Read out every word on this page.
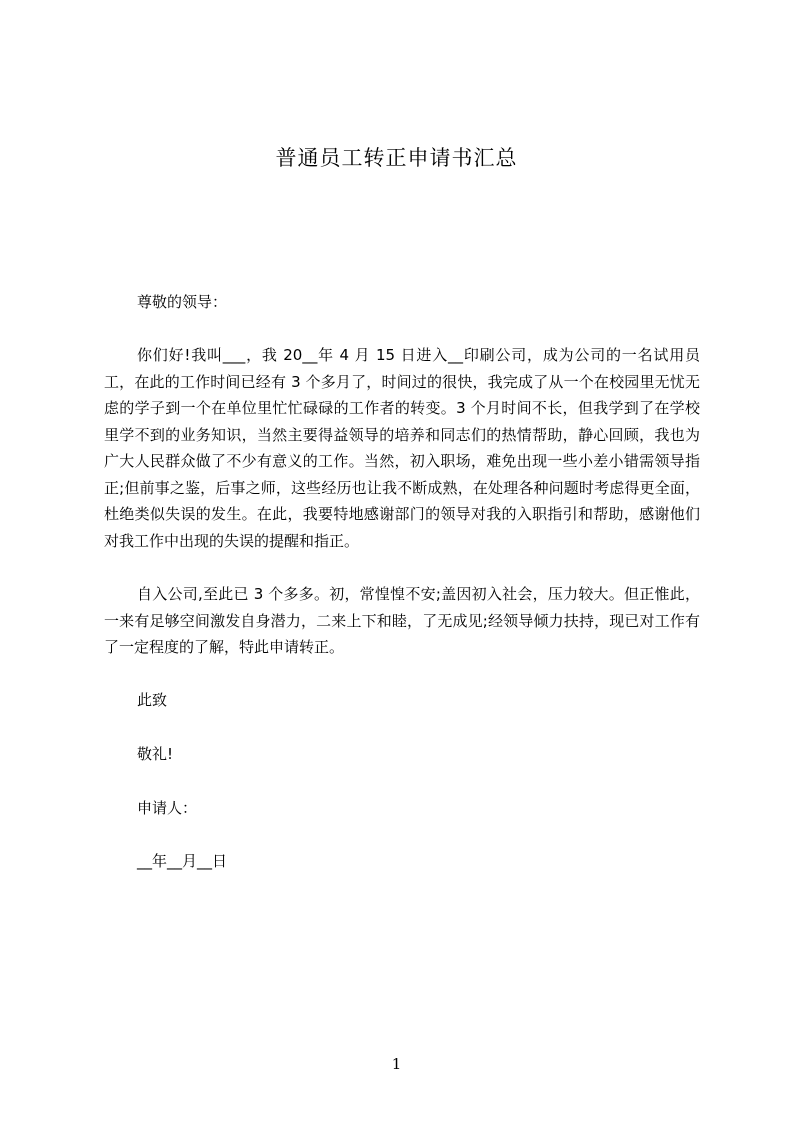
普通员工转正申请书汇总

尊敬的领导：

你们好!我叫___，我 20__年 4 月 15 日进入__印刷公司，成为公司的一名试用员工，在此的工作时间已经有 3 个多月了，时间过的很快，我完成了从一个在校园里无忧无虑的学子到一个在单位里忙忙碌碌的工作者的转变。3 个月时间不长，但我学到了在学校里学不到的业务知识，当然主要得益领导的培养和同志们的热情帮助，静心回顾，我也为广大人民群众做了不少有意义的工作。当然，初入职场，难免出现一些小差小错需领导指正;但前事之鉴，后事之师，这些经历也让我不断成熟，在处理各种问题时考虑得更全面，杜绝类似失误的发生。在此，我要特地感谢部门的领导对我的入职指引和帮助，感谢他们对我工作中出现的失误的提醒和指正。

自入公司,至此已 3 个多多。初，常惶惶不安;盖因初入社会，压力较大。但正惟此，一来有足够空间激发自身潜力，二来上下和睦，了无成见;经领导倾力扶持，现已对工作有了一定程度的了解，特此申请转正。

此致

敬礼!

申请人：

__年__月__日

1
